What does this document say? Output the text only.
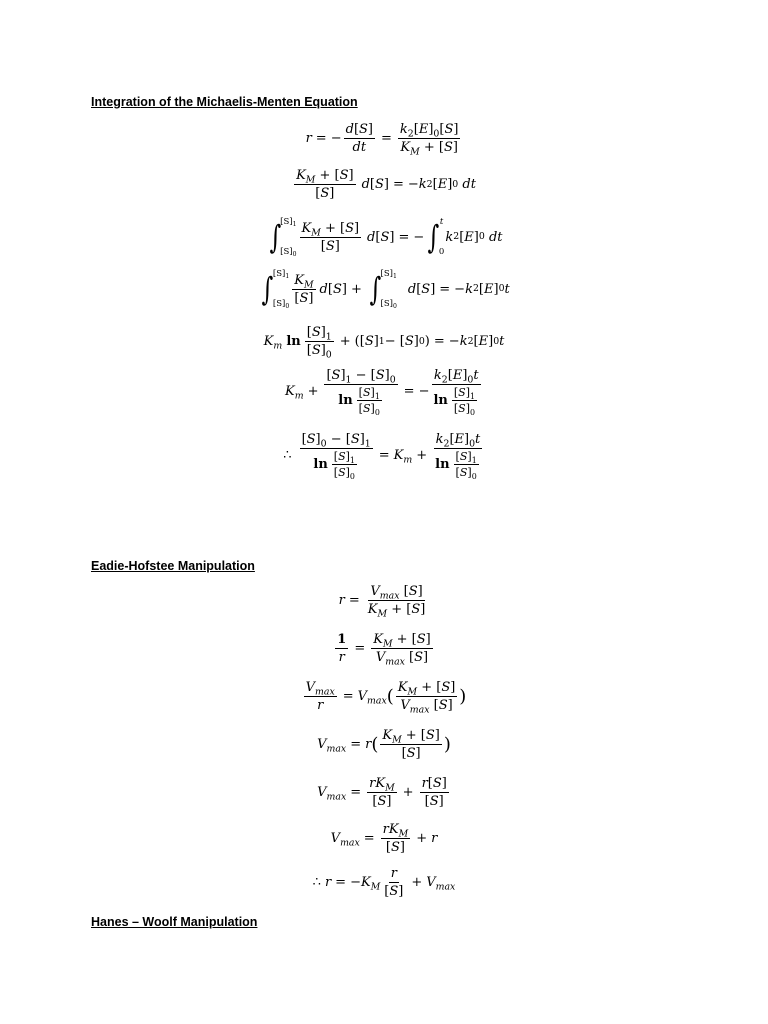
Integration of the Michaelis-Menten Equation
r = − $\frac{d[S]}{dt} = \frac{k_2[E]_0[S]}{K_M + [S]}$
$\frac{K_M + [S]}{[S]} d[S]$ = − k 2 [ E ] 0
dt
∫ $[S]_1$
$[S]_0$
$\frac{K_M + [S]}{[S]} d[S]$ = − ∫ t
0
k 2 [ E ] 0
dt
∫ $[S]_1$
$[S]_0$
$\frac{K_M}{[S]} d[S]$ + ∫ $[S]_1$
$[S]_0$
d[S] = − k 2 [ E ] 0 t
$K_m$
$\ln \frac{[S]_1}{[S]_0}$ + ([ S ] 1 − [ S ] 0 ) = − k 2 [ E ] 0 t
$K_m + \frac{[S]_1 - [S]_0}{\ln \frac{[S]_1}{[S]_0}}$ = − $\frac{k_2[E]_0t}{\ln \frac{[S]_1}{[S]_0}}$
∴ $\frac{[S]_0 - [S]_1}{\ln \frac{[S]_1}{[S]_0}} = K_m + \frac{k_2[E]_0t}{\ln \frac{[S]_1}{[S]_0}}$
Eadie-Hofstee Manipulation
$r = \frac{V_{max} [S]}{K_M + [S]}$
$\frac{1}{r} = \frac{K_M + [S]}{V_{max} [S]}$
$\frac{V_{max}}{r} = V_{max}$ ( $\frac{K_M + [S]}{V_{max} [S]}$ )
$V_{max} = r$ ( $\frac{K_M + [S]}{[S]}$ )
$V_{max} = \frac{rK_M}{[S]} + \frac{r[S]}{[S]}$
$V_{max} = \frac{rK_M}{[S]} + r$
∴ r = − $K_M \frac{r}{[S]} + V_{max}$
Hanes – Woolf Manipulation
